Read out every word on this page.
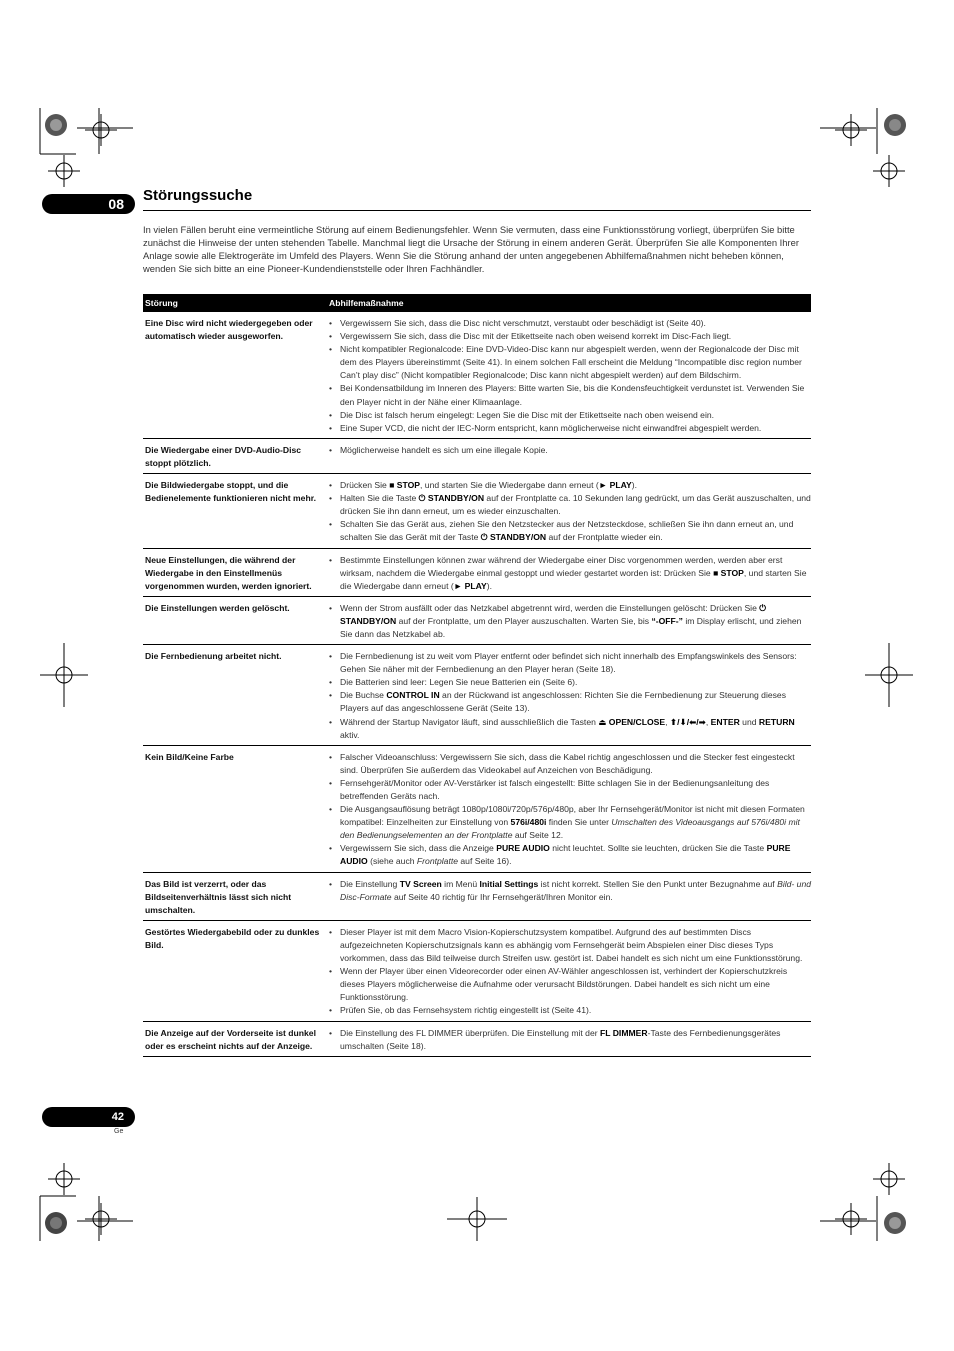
08	Störungssuche
In vielen Fällen beruht eine vermeintliche Störung auf einem Bedienungsfehler. Wenn Sie vermuten, dass eine Funktionsstörung vorliegt, überprüfen Sie bitte zunächst die Hinweise der unten stehenden Tabelle. Manchmal liegt die Ursache der Störung in einem anderen Gerät. Überprüfen Sie alle Komponenten Ihrer Anlage sowie alle Elektrogeräte im Umfeld des Players. Wenn Sie die Störung anhand der unten angegebenen Abhilfemaßnahmen nicht beheben können, wenden Sie sich bitte an eine Pioneer-Kundendienststelle oder Ihren Fachhändler.
Störung	Abhilfemaßnahme
Eine Disc wird nicht wiedergegeben oder automatisch wieder ausgeworfen.
• Vergewissern Sie sich, dass die Disc nicht verschmutzt, verstaubt oder beschädigt ist (Seite 40).
• Vergewissern Sie sich, dass die Disc mit der Etikettseite nach oben weisend korrekt im Disc-Fach liegt.
• Nicht kompatibler Regionalcode: Eine DVD-Video-Disc kann nur abgespielt werden, wenn der Regionalcode der Disc mit dem des Players übereinstimmt (Seite 41). In einem solchen Fall erscheint die Meldung “Incompatible disc region number Can’t play disc” (Nicht kompatibler Regionalcode; Disc kann nicht abgespielt werden) auf dem Bildschirm.
• Bei Kondensatbildung im Inneren des Players: Bitte warten Sie, bis die Kondensfeuchtigkeit verdunstet ist. Verwenden Sie den Player nicht in der Nähe einer Klimaanlage.
• Die Disc ist falsch herum eingelegt: Legen Sie die Disc mit der Etikettseite nach oben weisend ein.
• Eine Super VCD, die nicht der IEC-Norm entspricht, kann möglicherweise nicht einwandfrei abgespielt werden.
Die Wiedergabe einer DVD-Audio-Disc stoppt plötzlich.
• Möglicherweise handelt es sich um eine illegale Kopie.
Die Bildwiedergabe stoppt, und die Bedienelemente funktionieren nicht mehr.
• Drücken Sie ■ STOP, und starten Sie die Wiedergabe dann erneut (► PLAY).
• Halten Sie die Taste ⏻ STANDBY/ON auf der Frontplatte ca. 10 Sekunden lang gedrückt, um das Gerät auszuschalten, und drücken Sie ihn dann erneut, um es wieder einzuschalten.
• Schalten Sie das Gerät aus, ziehen Sie den Netzstecker aus der Netzsteckdose, schließen Sie ihn dann erneut an, und schalten Sie das Gerät mit der Taste ⏻ STANDBY/ON auf der Frontplatte wieder ein.
Neue Einstellungen, die während der Wiedergabe in den Einstellmenüs vorgenommen wurden, werden ignoriert.
• Bestimmte Einstellungen können zwar während der Wiedergabe einer Disc vorgenommen werden, werden aber erst wirksam, nachdem die Wiedergabe einmal gestoppt und wieder gestartet worden ist: Drücken Sie ■ STOP, und starten Sie die Wiedergabe dann erneut (► PLAY).
Die Einstellungen werden gelöscht.	• Wenn der Strom ausfällt oder das Netzkabel abgetrennt wird, werden die Einstellungen gelöscht: Drücken Sie ⏻ STANDBY/ON auf der Frontplatte, um den Player auszuschalten. Warten Sie, bis “-OFF-” im Display erlischt, und ziehen Sie dann das Netzkabel ab.
Die Fernbedienung arbeitet nicht.	• Die Fernbedienung ist zu weit vom Player entfernt oder befindet sich nicht innerhalb des Empfangswinkels des Sensors: Gehen Sie näher mit der Fernbedienung an den Player heran (Seite 18).
• Die Batterien sind leer: Legen Sie neue Batterien ein (Seite 6).
• Die Buchse CONTROL IN an der Rückwand ist angeschlossen: Richten Sie die Fernbedienung zur Steuerung dieses Players auf das angeschlossene Gerät (Seite 13).
• Während der Startup Navigator läuft, sind ausschließlich die Tasten ⏏ OPEN/CLOSE, ⬆/⬇/⬅/➡, ENTER und RETURN aktiv.
Kein Bild/Keine Farbe	• Falscher Videoanschluss: Vergewissern Sie sich, dass die Kabel richtig angeschlossen und die Stecker fest eingesteckt sind. Überprüfen Sie außerdem das Videokabel auf Anzeichen von Beschädigung.
• Fernsehgerät/Monitor oder AV-Verstärker ist falsch eingestellt: Bitte schlagen Sie in der Bedienungsanleitung des betreffenden Geräts nach.
• Die Ausgangsauflösung beträgt 1080p/1080i/720p/576p/480p, aber Ihr Fernsehgerät/Monitor ist nicht mit diesen Formaten kompatibel: Einzelheiten zur Einstellung von 576i/480i finden Sie unter Umschalten des Videoausgangs auf 576i/480i mit den Bedienungselementen an der Frontplatte auf Seite 12.
• Vergewissern Sie sich, dass die Anzeige PURE AUDIO nicht leuchtet. Sollte sie leuchten, drücken Sie die Taste PURE AUDIO (siehe auch Frontplatte auf Seite 16).
Das Bild ist verzerrt, oder das Bildseitenverhältnis lässt sich nicht umschalten.
• Die Einstellung TV Screen im Menü Initial Settings ist nicht korrekt. Stellen Sie den Punkt unter Bezugnahme auf Bild- und Disc-Formate auf Seite 40 richtig für Ihr Fernsehgerät/Ihren Monitor ein.
Gestörtes Wiedergabebild oder zu dunkles Bild.
• Dieser Player ist mit dem Macro Vision-Kopierschutzsystem kompatibel. Aufgrund des auf bestimmten Discs aufgezeichneten Kopierschutzsignals kann es abhängig vom Fernsehgerät beim Abspielen einer Disc dieses Typs vorkommen, dass das Bild teilweise durch Streifen usw. gestört ist. Dabei handelt es sich nicht um eine Funktionsstörung.
• Wenn der Player über einen Videorecorder oder einen AV-Wähler angeschlossen ist, verhindert der Kopierschutzkreis dieses Players möglicherweise die Aufnahme oder verursacht Bildstörungen. Dabei handelt es sich nicht um eine Funktionsstörung.
• Prüfen Sie, ob das Fernsehsystem richtig eingestellt ist (Seite 41).
Die Anzeige auf der Vorderseite ist dunkel oder es erscheint nichts auf der Anzeige.
• Die Einstellung des FL DIMMER überprüfen. Die Einstellung mit der FL DIMMER-Taste des Fernbedienungsgerätes umschalten (Seite 18).
42
Ge
